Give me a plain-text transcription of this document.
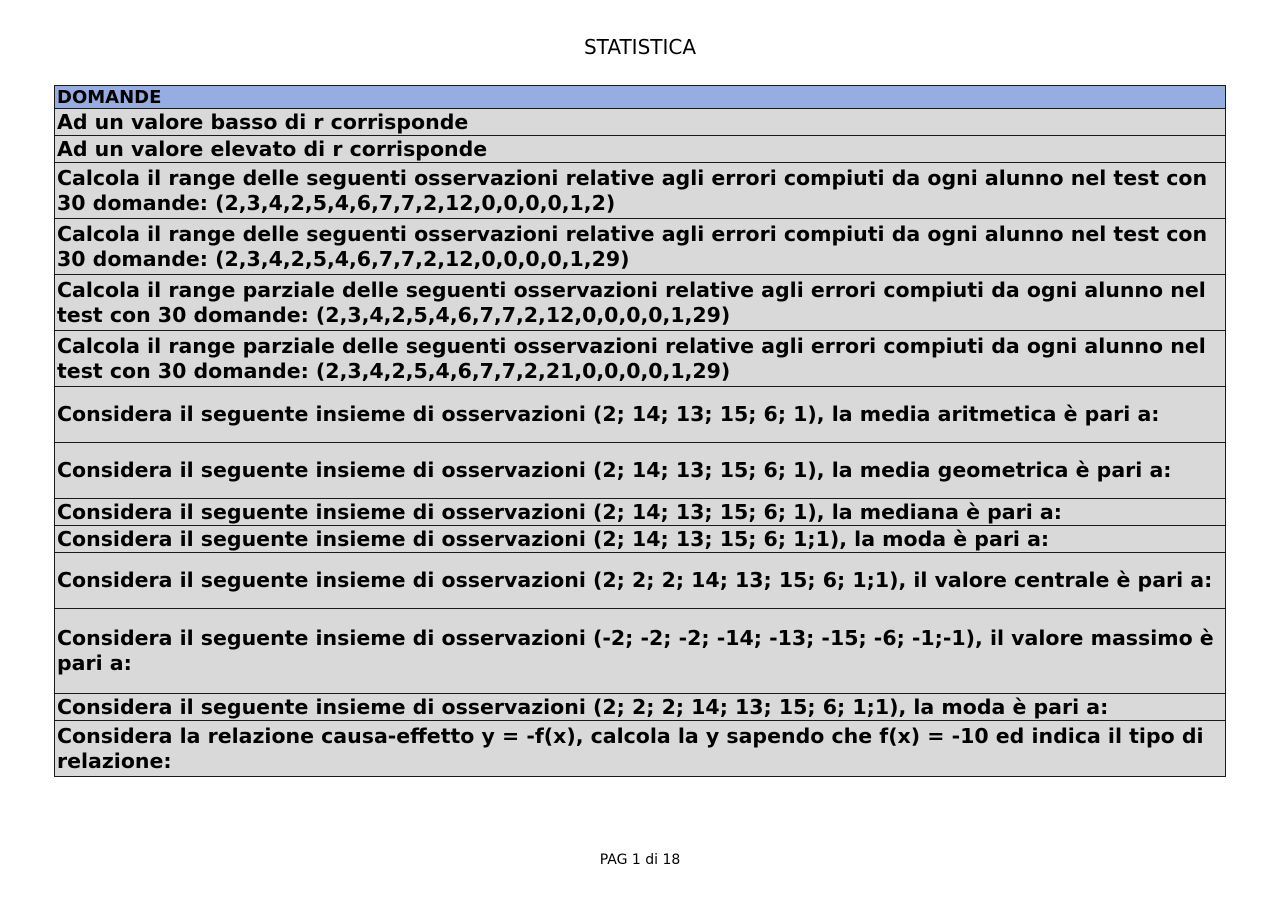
STATISTICA
DOMANDE
Ad un valore basso di r corrisponde
Ad un valore elevato di r corrisponde
Calcola il range delle seguenti osservazioni relative agli errori compiuti da ogni alunno nel test con 30 domande: (2,3,4,2,5,4,6,7,7,2,12,0,0,0,0,1,2)
Calcola il range delle seguenti osservazioni relative agli errori compiuti da ogni alunno nel test con 30 domande: (2,3,4,2,5,4,6,7,7,2,12,0,0,0,0,1,29)
Calcola il range parziale delle seguenti osservazioni relative agli errori compiuti da ogni alunno nel test con 30 domande: (2,3,4,2,5,4,6,7,7,2,12,0,0,0,0,1,29)
Calcola il range parziale delle seguenti osservazioni relative agli errori compiuti da ogni alunno nel test con 30 domande: (2,3,4,2,5,4,6,7,7,2,21,0,0,0,0,1,29)
Considera il seguente insieme di osservazioni (2; 14; 13; 15; 6; 1), la media aritmetica è pari a:
Considera il seguente insieme di osservazioni (2; 14; 13; 15; 6; 1), la media geometrica è pari a:
Considera il seguente insieme di osservazioni (2; 14; 13; 15; 6; 1), la mediana è pari a:
Considera il seguente insieme di osservazioni (2; 14; 13; 15; 6; 1;1), la moda è pari a:
Considera il seguente insieme di osservazioni (2; 2; 2; 14; 13; 15; 6; 1;1), il valore centrale è pari a:
Considera il seguente insieme di osservazioni (-2; -2; -2; -14; -13; -15; -6; -1;-1), il valore massimo è pari a:
Considera il seguente insieme di osservazioni (2; 2; 2; 14; 13; 15; 6; 1;1), la moda è pari a:
Considera la relazione causa-effetto y = -f(x), calcola la y sapendo che f(x) = -10 ed indica il tipo di relazione:
PAG 1 di 18
